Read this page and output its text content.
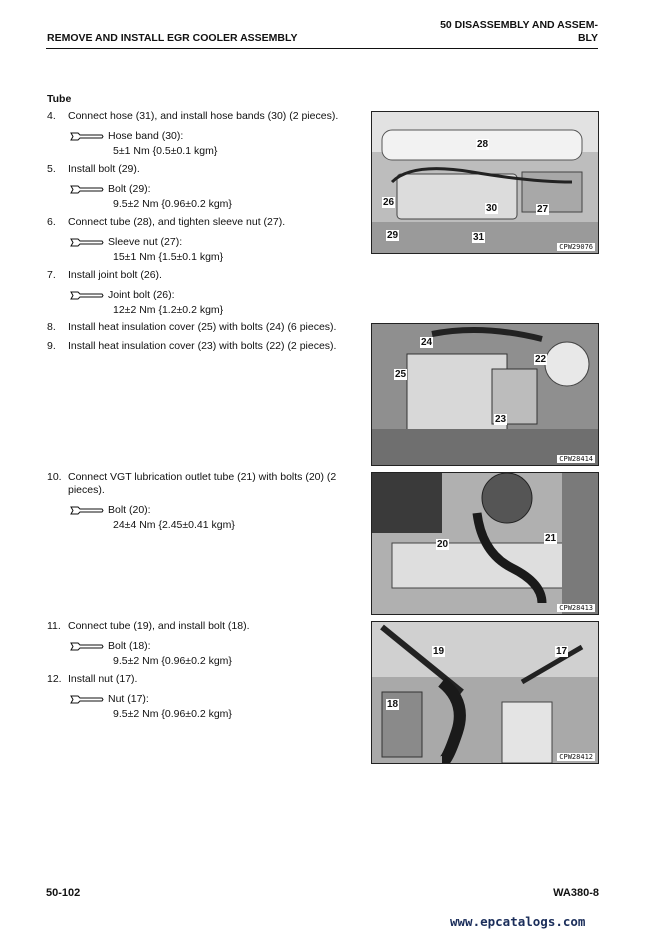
REMOVE AND INSTALL EGR COOLER ASSEMBLY
50 DISASSEMBLY AND ASSEM-
BLY
Tube
4. Connect hose (31), and install hose bands (30) (2 pieces).
Hose band (30):
5±1 Nm {0.5±0.1 kgm}
5. Install bolt (29).
Bolt (29):
9.5±2 Nm {0.96±0.2 kgm}
6. Connect tube (28), and tighten sleeve nut (27).
Sleeve nut (27):
15±1 Nm {1.5±0.1 kgm}
7. Install joint bolt (26).
Joint bolt (26):
12±2 Nm {1.2±0.2 kgm}
8. Install heat insulation cover (25) with bolts (24) (6 pieces).
9. Install heat insulation cover (23) with bolts (22) (2 pieces).
10. Connect VGT lubrication outlet tube (21) with bolts (20) (2
pieces).
Bolt (20):
24±4 Nm {2.45±0.41 kgm}
11. Connect tube (19), and install bolt (18).
Bolt (18):
9.5±2 Nm {0.96±0.2 kgm}
12. Install nut (17).
Nut (17):
9.5±2 Nm {0.96±0.2 kgm}
28
26
30	27
29	31
CPW29076
24
22
25
23
CPW28414
20
21
CPW28413
19	17
18
CPW28412
50-102	WA380-8
www.epcatalogs.com
